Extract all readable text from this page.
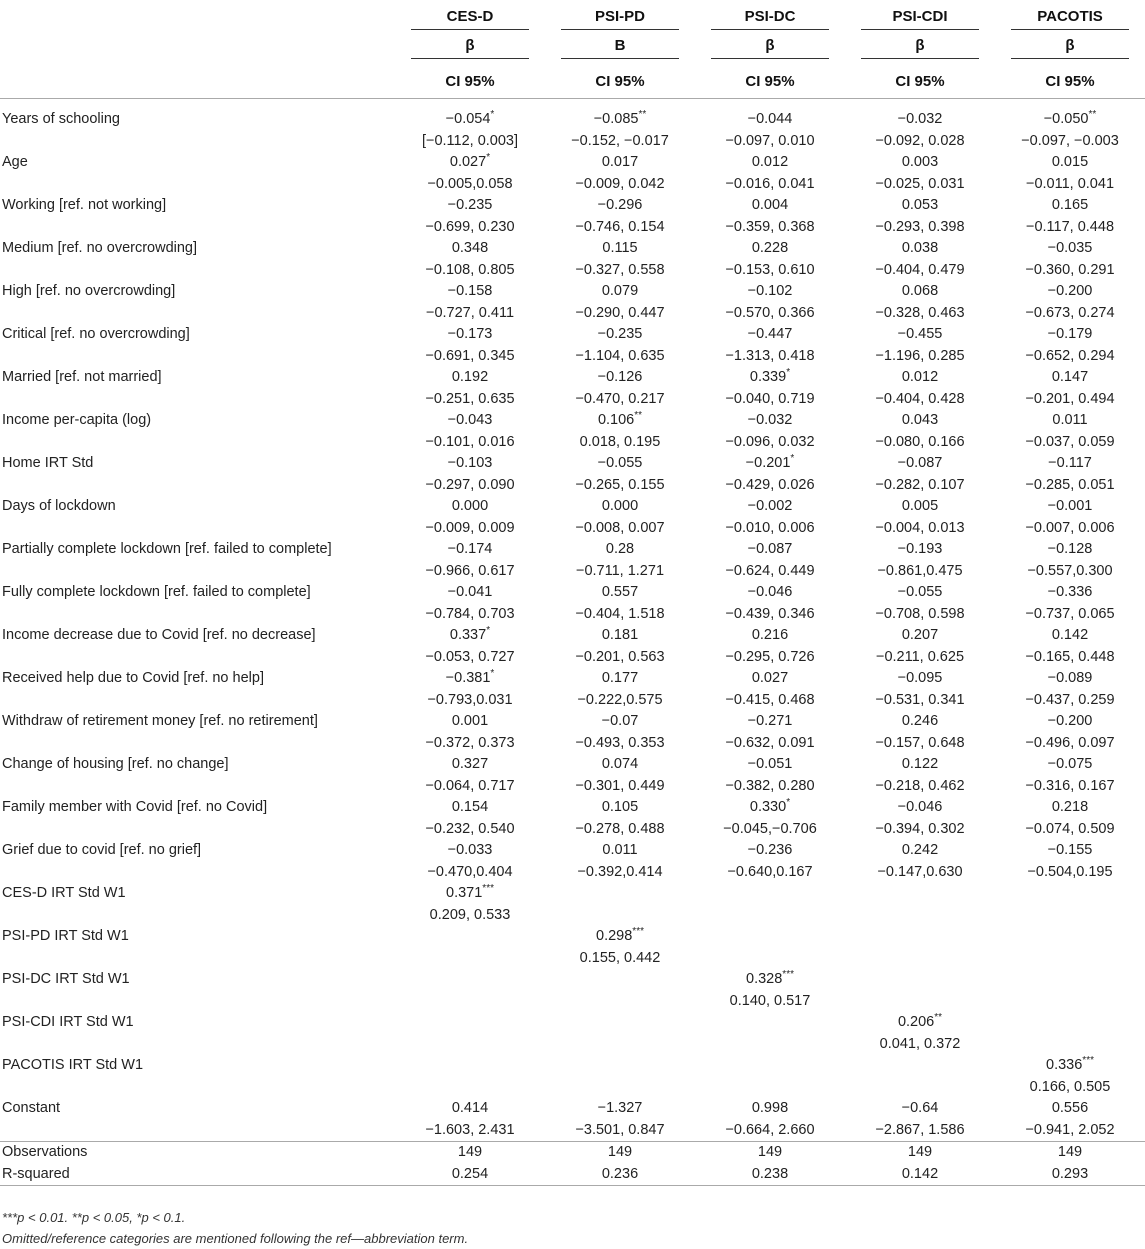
	CES-D	PSI-PD	PSI-DC	PSI-CDI	PACOTIS

	β	B	β	β	β

	CI 95%	CI 95%	CI 95%	CI 95%	CI 95%
Years of schooling	−0.054*	−0.085**	−0.044	−0.032	−0.050**
	[−0.112, 0.003]	−0.152, −0.017	−0.097, 0.010	−0.092, 0.028	−0.097, −0.003
Age	0.027*	0.017	0.012	0.003	0.015
	−0.005,0.058	−0.009, 0.042	−0.016, 0.041	−0.025, 0.031	−0.011, 0.041
Working [ref. not working]	−0.235	−0.296	0.004	0.053	0.165
	−0.699, 0.230	−0.746, 0.154	−0.359, 0.368	−0.293, 0.398	−0.117, 0.448
Medium [ref. no overcrowding]	0.348	0.115	0.228	0.038	−0.035
	−0.108, 0.805	−0.327, 0.558	−0.153, 0.610	−0.404, 0.479	−0.360, 0.291
High [ref. no overcrowding]	−0.158	0.079	−0.102	0.068	−0.200
	−0.727, 0.411	−0.290, 0.447	−0.570, 0.366	−0.328, 0.463	−0.673, 0.274
Critical [ref. no overcrowding]	−0.173	−0.235	−0.447	−0.455	−0.179
	−0.691, 0.345	−1.104, 0.635	−1.313, 0.418	−1.196, 0.285	−0.652, 0.294
Married [ref. not married]	0.192	−0.126	0.339*	0.012	0.147
	−0.251, 0.635	−0.470, 0.217	−0.040, 0.719	−0.404, 0.428	−0.201, 0.494
Income per-capita (log)	−0.043	0.106**	−0.032	0.043	0.011
	−0.101, 0.016	0.018, 0.195	−0.096, 0.032	−0.080, 0.166	−0.037, 0.059
Home IRT Std	−0.103	−0.055	−0.201*	−0.087	−0.117
	−0.297, 0.090	−0.265, 0.155	−0.429, 0.026	−0.282, 0.107	−0.285, 0.051
Days of lockdown	0.000	0.000	−0.002	0.005	−0.001
	−0.009, 0.009	−0.008, 0.007	−0.010, 0.006	−0.004, 0.013	−0.007, 0.006
Partially complete lockdown [ref. failed to complete]	−0.174	0.28	−0.087	−0.193	−0.128
	−0.966, 0.617	−0.711, 1.271	−0.624, 0.449	−0.861,0.475	−0.557,0.300
Fully complete lockdown [ref. failed to complete]	−0.041	0.557	−0.046	−0.055	−0.336
	−0.784, 0.703	−0.404, 1.518	−0.439, 0.346	−0.708, 0.598	−0.737, 0.065
Income decrease due to Covid [ref. no decrease]	0.337*	0.181	0.216	0.207	0.142
	−0.053, 0.727	−0.201, 0.563	−0.295, 0.726	−0.211, 0.625	−0.165, 0.448
Received help due to Covid [ref. no help]	−0.381*	0.177	0.027	−0.095	−0.089
	−0.793,0.031	−0.222,0.575	−0.415, 0.468	−0.531, 0.341	−0.437, 0.259
Withdraw of retirement money [ref. no retirement]	0.001	−0.07	−0.271	0.246	−0.200
	−0.372, 0.373	−0.493, 0.353	−0.632, 0.091	−0.157, 0.648	−0.496, 0.097
Change of housing [ref. no change]	0.327	0.074	−0.051	0.122	−0.075
	−0.064, 0.717	−0.301, 0.449	−0.382, 0.280	−0.218, 0.462	−0.316, 0.167
Family member with Covid [ref. no Covid]	0.154	0.105	0.330*	−0.046	0.218
	−0.232, 0.540	−0.278, 0.488	−0.045,−0.706	−0.394, 0.302	−0.074, 0.509
Grief due to covid [ref. no grief]	−0.033	0.011	−0.236	0.242	−0.155
	−0.470,0.404	−0.392,0.414	−0.640,0.167	−0.147,0.630	−0.504,0.195
CES-D IRT Std W1	0.371***				
	0.209, 0.533				
PSI-PD IRT Std W1		0.298***			
		0.155, 0.442			
PSI-DC IRT Std W1			0.328***		
			0.140, 0.517		
PSI-CDI IRT Std W1				0.206**	
				0.041, 0.372	
PACOTIS IRT Std W1					0.336***
					0.166, 0.505
Constant	0.414	−1.327	0.998	−0.64	0.556
	−1.603, 2.431	−3.501, 0.847	−0.664, 2.660	−2.867, 1.586	−0.941, 2.052
Observations	149	149	149	149	149
R-squared	0.254	0.236	0.238	0.142	0.293
***p < 0.01. **p < 0.05, *p < 0.1.
Omitted/reference categories are mentioned following the ref—abbreviation term.
